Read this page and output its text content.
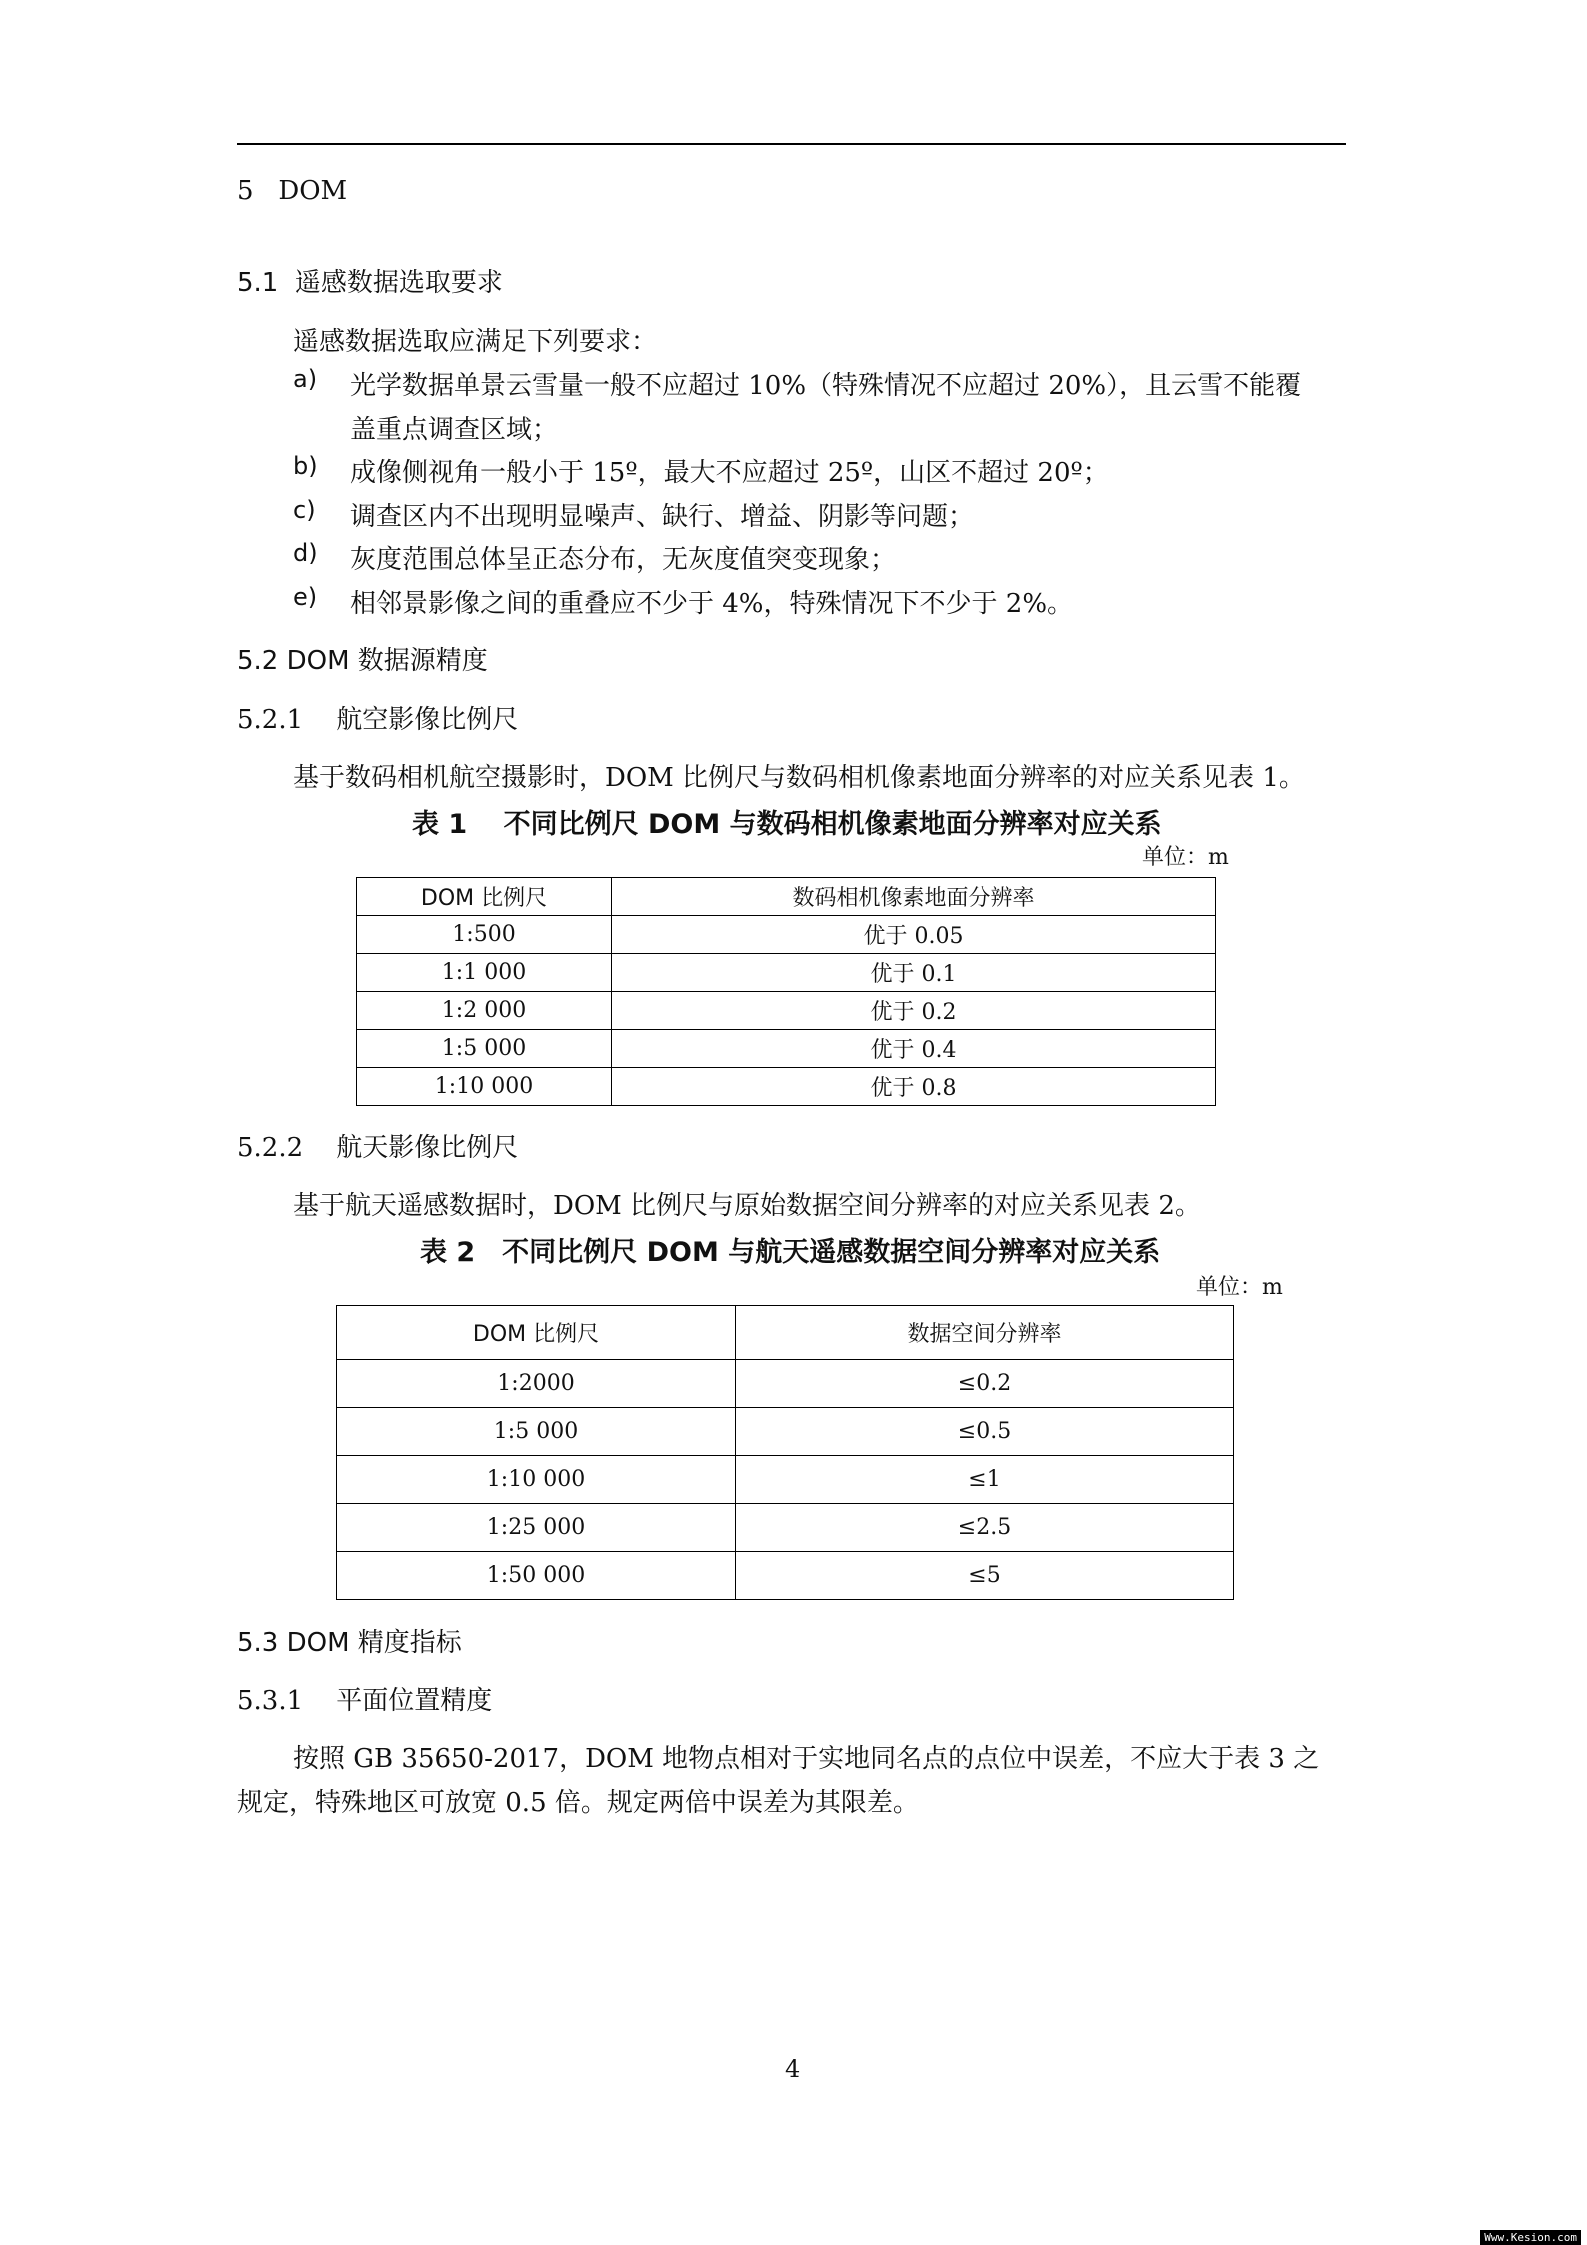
5 DOM
5.1 遥感数据选取要求
遥感数据选取应满足下列要求：
a) 光学数据单景云雪量一般不应超过 10%（特殊情况不应超过 20%），且云雪不能覆
盖重点调查区域；
b) 成像侧视角一般小于 15º，最大不应超过 25º，山区不超过 20º；
c) 调查区内不出现明显噪声、缺行、增益、阴影等问题；
d) 灰度范围总体呈正态分布，无灰度值突变现象；
e) 相邻景影像之间的重叠应不少于 4%，特殊情况下不少于 2%。
5.2 DOM 数据源精度
5.2.1 航空影像比例尺
基于数码相机航空摄影时，DOM 比例尺与数码相机像素地面分辨率的对应关系见表 1。
表 1　 不同比例尺 DOM 与数码相机像素地面分辨率对应关系
单位：m
DOM 比例尺	数码相机像素地面分辨率
1:500	优于 0.05
1:1 000	优于 0.1
1:2 000	优于 0.2
1:5 000	优于 0.4
1:10 000	优于 0.8
5.2.2 航天影像比例尺
基于航天遥感数据时，DOM 比例尺与原始数据空间分辨率的对应关系见表 2。
表 2　不同比例尺 DOM 与航天遥感数据空间分辨率对应关系
单位：m
DOM 比例尺	数据空间分辨率
1:2000	≤0.2
1:5 000	≤0.5
1:10 000	≤1
1:25 000	≤2.5
1:50 000	≤5
5.3 DOM 精度指标
5.3.1 平面位置精度
按照 GB 35650-2017，DOM 地物点相对于实地同名点的点位中误差，不应大于表 3 之
规定，特殊地区可放宽 0.5 倍。规定两倍中误差为其限差。
4
Www.Kesion.com
